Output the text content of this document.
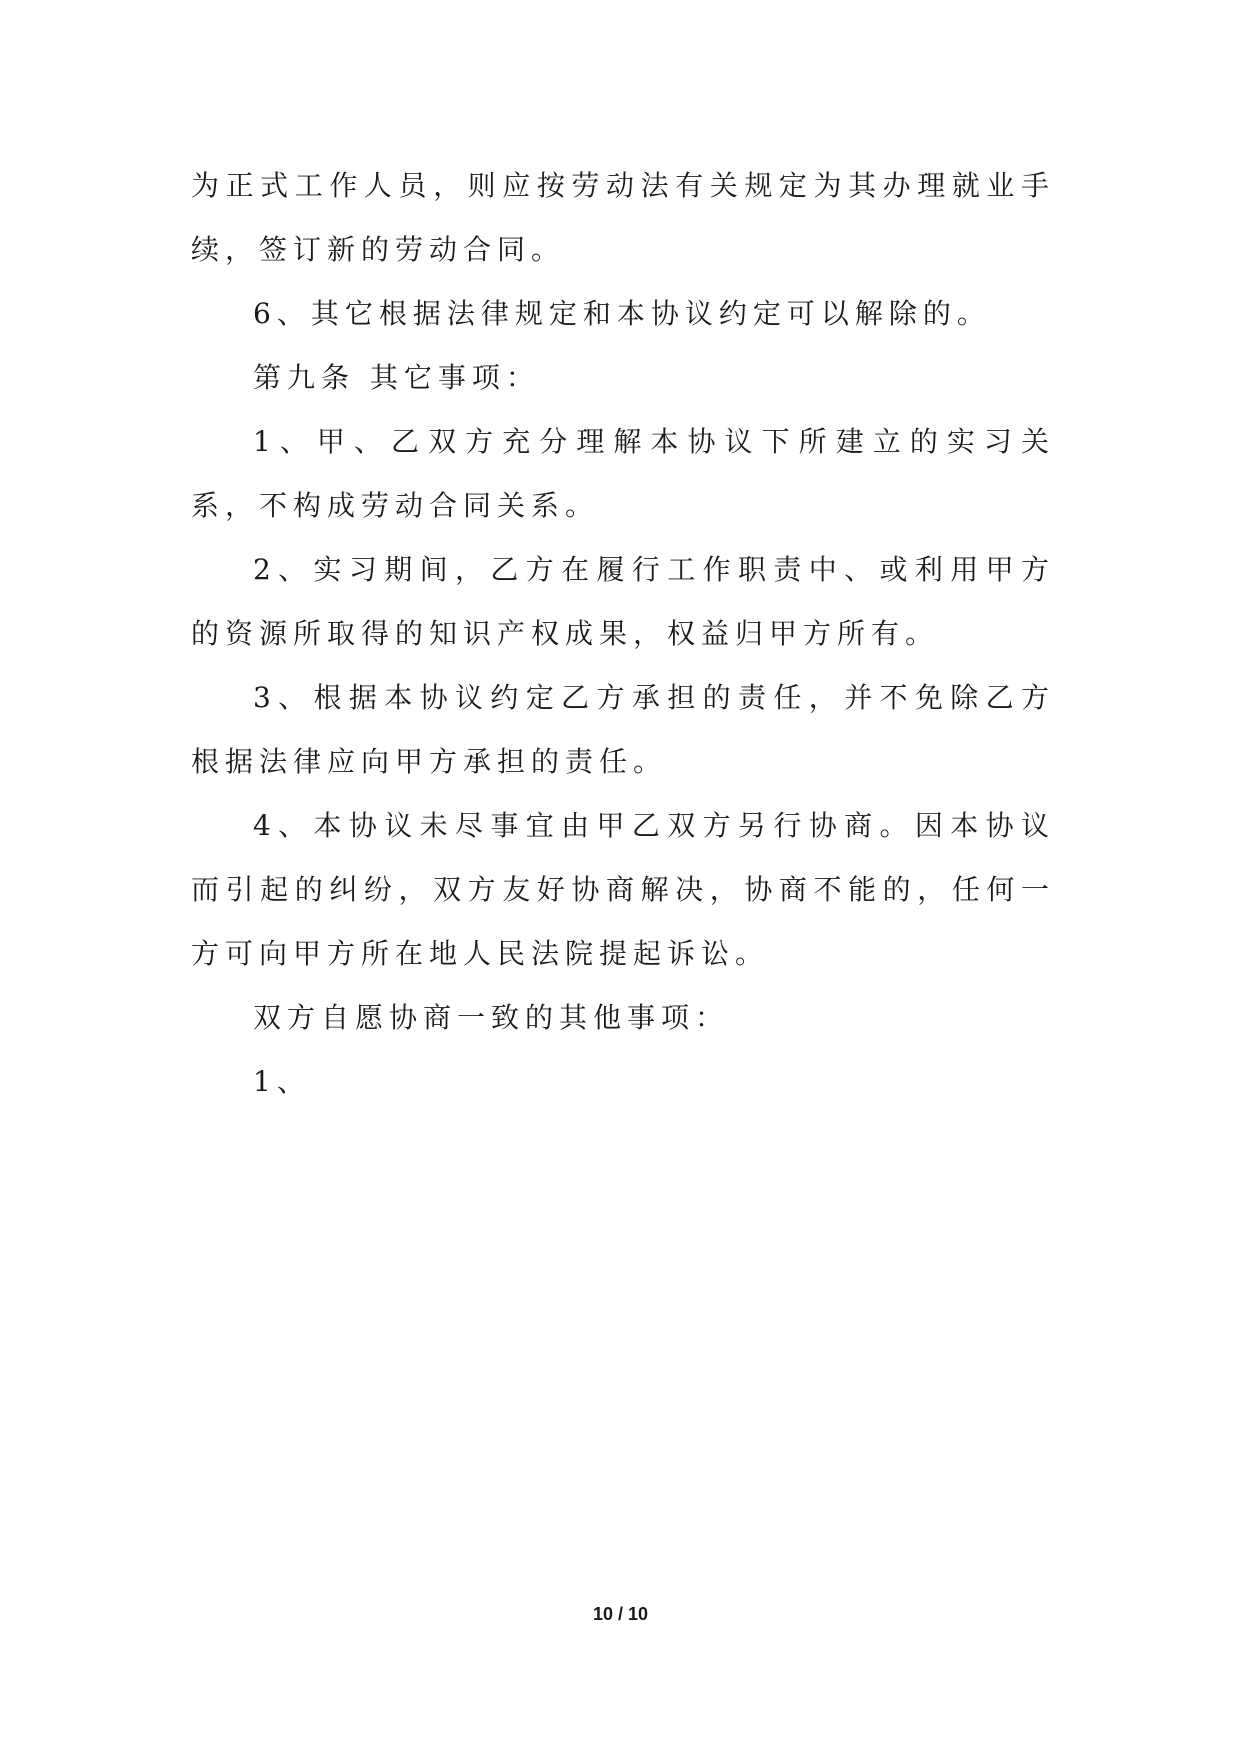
为正式工作人员，则应按劳动法有关规定为其办理就业手续，签订新的劳动合同。

6、其它根据法律规定和本协议约定可以解除的。

第九条 其它事项：

1、甲、乙双方充分理解本协议下所建立的实习关系，不构成劳动合同关系。

2、实习期间，乙方在履行工作职责中、或利用甲方的资源所取得的知识产权成果，权益归甲方所有。

3、根据本协议约定乙方承担的责任，并不免除乙方根据法律应向甲方承担的责任。

4、本协议未尽事宜由甲乙双方另行协商。因本协议而引起的纠纷，双方友好协商解决，协商不能的，任何一方可向甲方所在地人民法院提起诉讼。

双方自愿协商一致的其他事项：

1、

10 / 10
